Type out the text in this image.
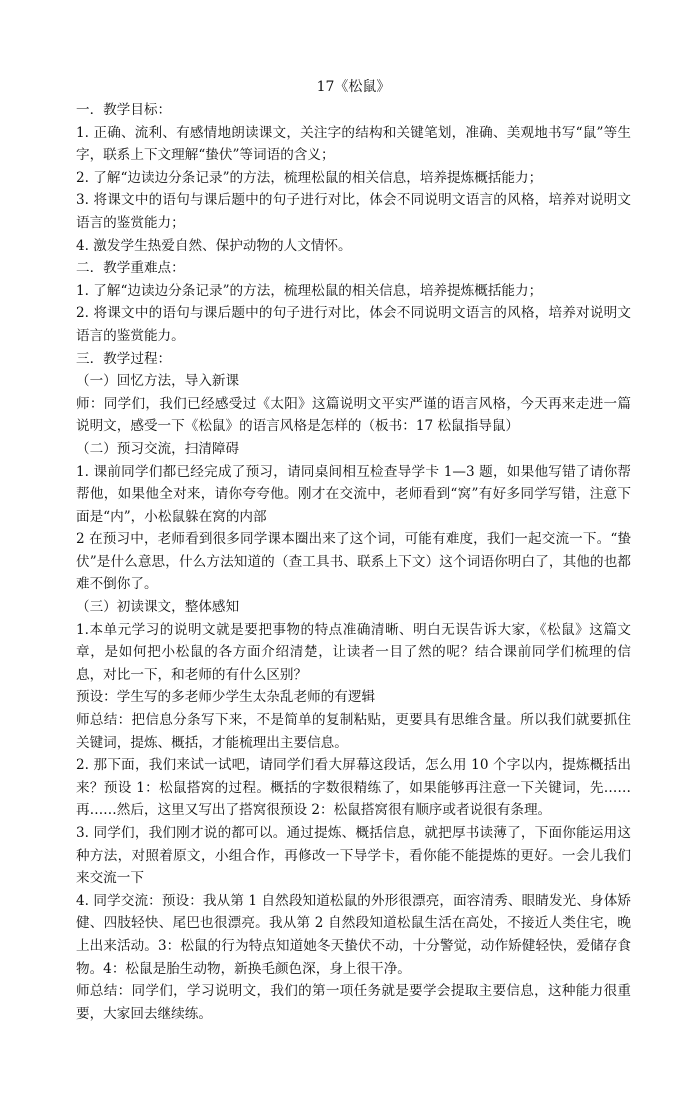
17《松鼠》

一．教学目标：

1. 正确、流利、有感情地朗读课文，关注字的结构和关键笔划，准确、美观地书写“鼠”等生字，联系上下文理解“蛰伏”等词语的含义；

2. 了解“边读边分条记录”的方法，梳理松鼠的相关信息，培养提炼概括能力；

3. 将课文中的语句与课后题中的句子进行对比，体会不同说明文语言的风格，培养对说明文语言的鉴赏能力；

4. 激发学生热爱自然、保护动物的人文情怀。

二．教学重难点：

1. 了解“边读边分条记录”的方法，梳理松鼠的相关信息，培养提炼概括能力；

2. 将课文中的语句与课后题中的句子进行对比，体会不同说明文语言的风格，培养对说明文语言的鉴赏能力。

三．教学过程：

（一）回忆方法，导入新课

师：同学们，我们已经感受过《太阳》这篇说明文平实严谨的语言风格，今天再来走进一篇说明文，感受一下《松鼠》的语言风格是怎样的（板书：17 松鼠指导鼠）

（二）预习交流，扫清障碍

1. 课前同学们都已经完成了预习，请同桌间相互检查导学卡 1—3 题，如果他写错了请你帮帮他，如果他全对来，请你夸夸他。刚才在交流中，老师看到“窝”有好多同学写错，注意下面是“内”，小松鼠躲在窝的内部

2 在预习中，老师看到很多同学课本圈出来了这个词，可能有难度，我们一起交流一下。“蛰伏”是什么意思，什么方法知道的（查工具书、联系上下文）这个词语你明白了，其他的也都难不倒你了。

（三）初读课文，整体感知

1.本单元学习的说明文就是要把事物的特点准确清晰、明白无误告诉大家，《松鼠》这篇文章，是如何把小松鼠的各方面介绍清楚，让读者一目了然的呢？结合课前同学们梳理的信息，对比一下，和老师的有什么区别？

预设：学生写的多老师少学生太杂乱老师的有逻辑

师总结：把信息分条写下来，不是简单的复制粘贴，更要具有思维含量。所以我们就要抓住关键词，提炼、概括，才能梳理出主要信息。

2. 那下面，我们来试一试吧，请同学们看大屏幕这段话，怎么用 10 个字以内，提炼概括出来？预设 1：松鼠搭窝的过程。概括的字数很精练了，如果能够再注意一下关键词，先……再……然后，这里又写出了搭窝很预设 2：松鼠搭窝很有顺序或者说很有条理。

3. 同学们，我们刚才说的都可以。通过提炼、概括信息，就把厚书读薄了，下面你能运用这种方法，对照着原文，小组合作，再修改一下导学卡，看你能不能提炼的更好。一会儿我们来交流一下

4. 同学交流：预设：我从第 1 自然段知道松鼠的外形很漂亮，面容清秀、眼睛发光、身体矫健、四肢轻快、尾巴也很漂亮。我从第 2 自然段知道松鼠生活在高处，不接近人类住宅，晚上出来活动。3：松鼠的行为特点知道她冬天蛰伏不动，十分警觉，动作矫健轻快，爱储存食物。4：松鼠是胎生动物，新换毛颜色深，身上很干净。

师总结：同学们，学习说明文，我们的第一项任务就是要学会提取主要信息，这种能力很重要，大家回去继续练。
